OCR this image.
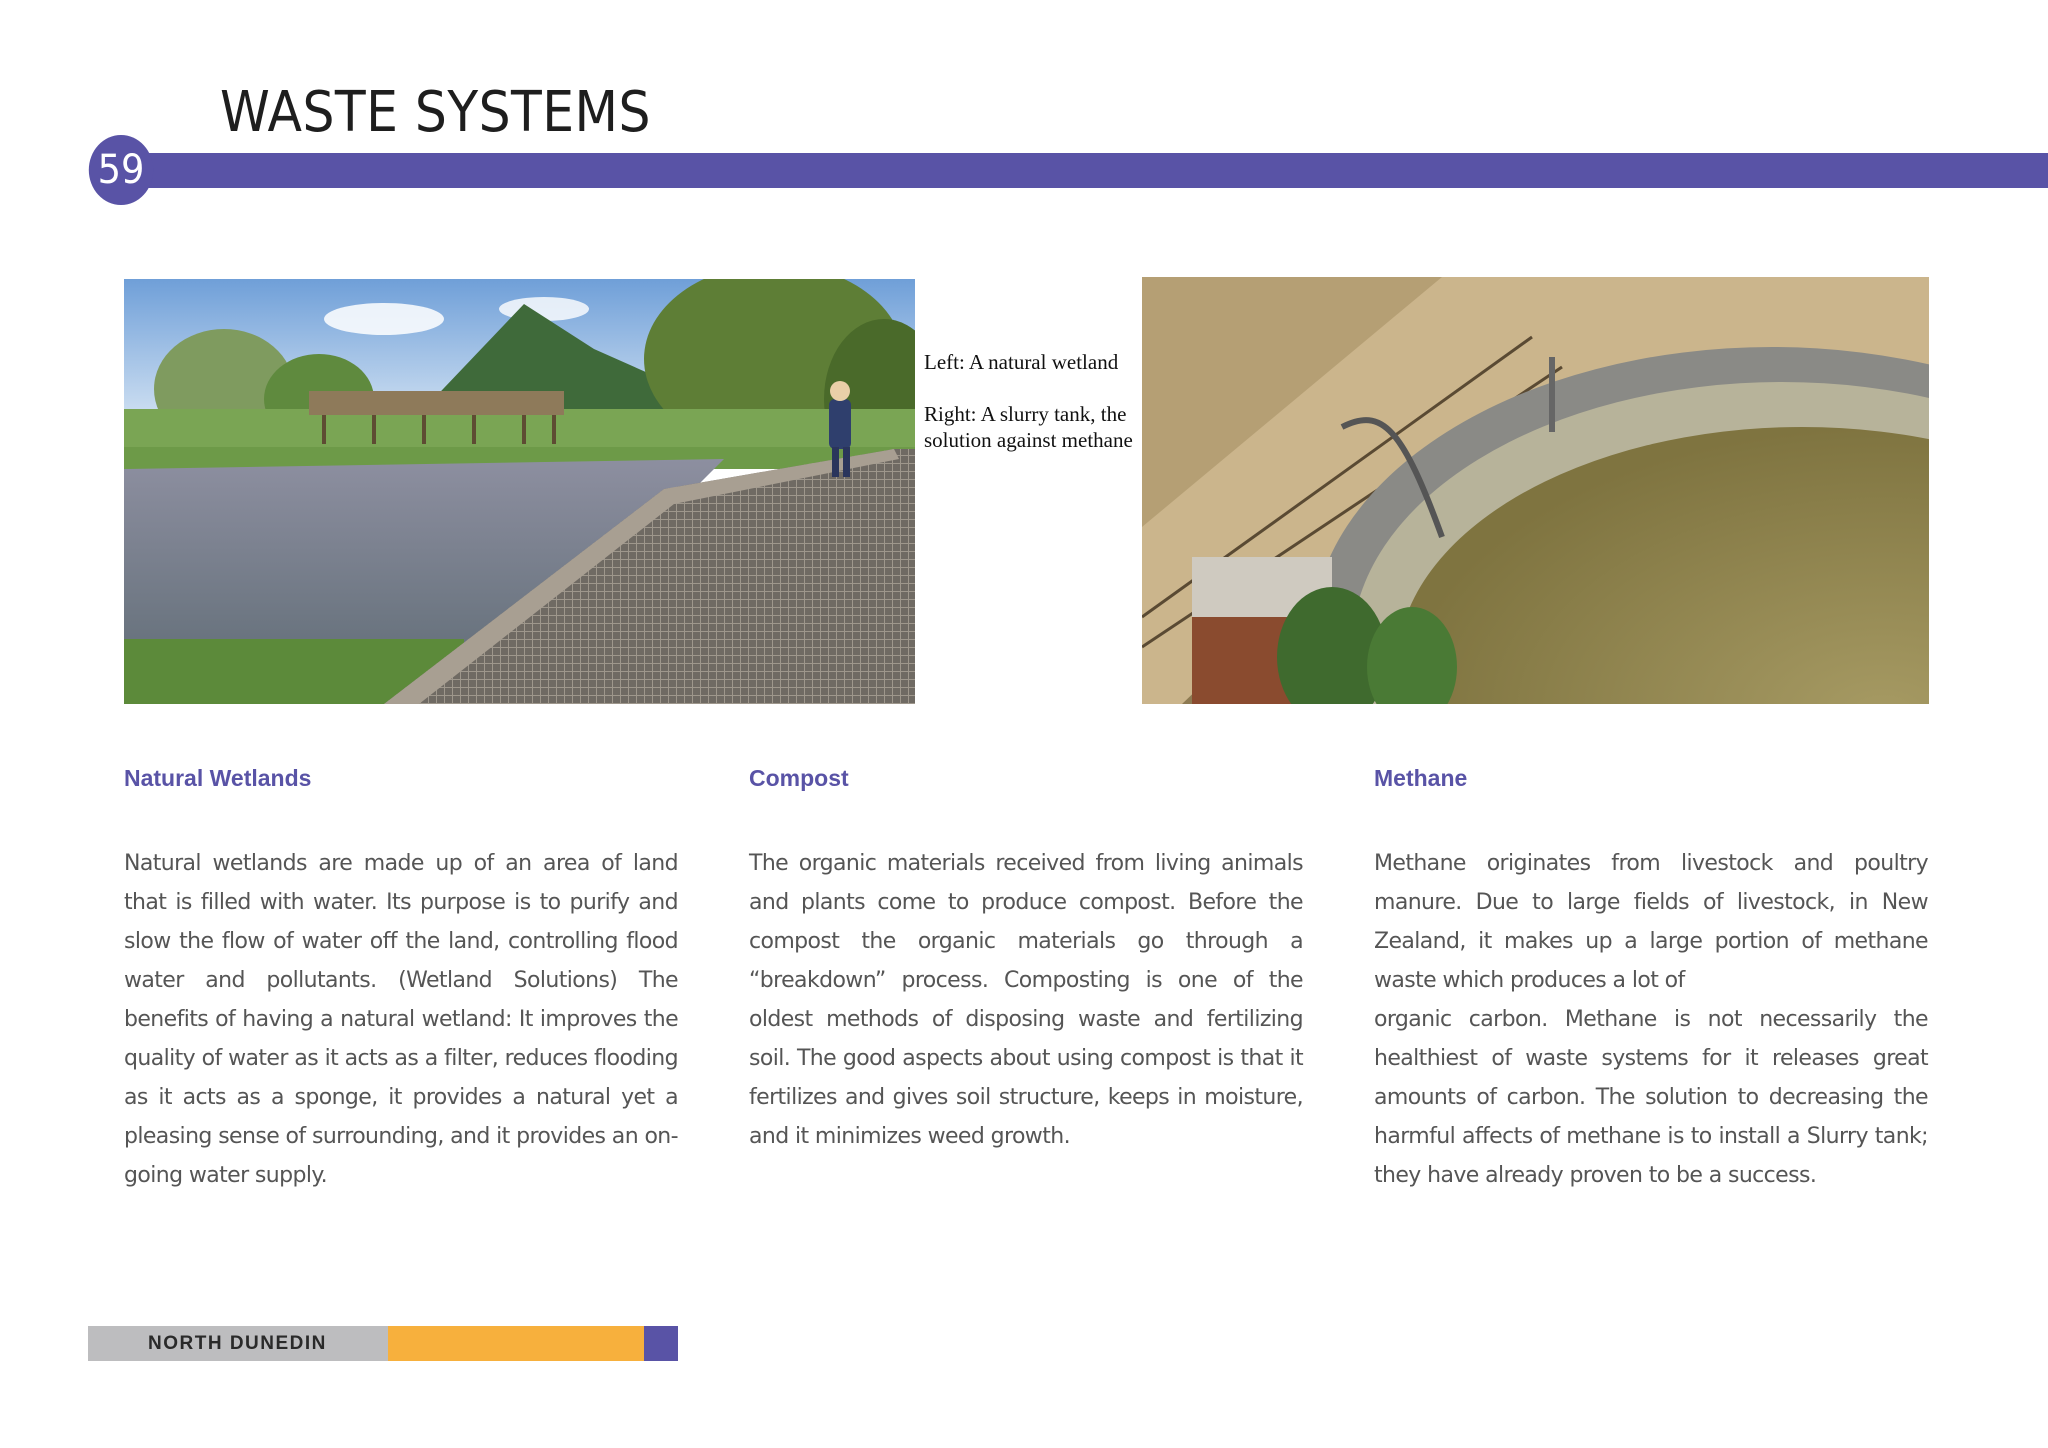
WASTE SYSTEMS
59

Left: A natural wetland

Right: A slurry tank, the solution against methane

Natural Wetlands

Natural wetlands are made up of an area of land that is filled with water. Its purpose is to purify and slow the flow of water off the land, controlling flood water and pollutants. (Wetland Solutions) The benefits of having a natural wetland: It improves the quality of water as it acts as a filter, reduces flooding as it acts as a sponge, it provides a natural yet a pleasing sense of surrounding, and it provides an on-going water supply.

Compost

The organic materials received from living animals and plants come to produce compost. Before the compost the organic materials go through a “breakdown” process. Composting is one of the oldest methods of disposing waste and fertilizing soil. The good aspects about using compost is that it fertilizes and gives soil structure, keeps in moisture, and it minimizes weed growth.

Methane

Methane originates from livestock and poultry manure. Due to large fields of livestock, in New Zealand, it makes up a large portion of methane waste which produces a lot of

organic carbon. Methane is not necessarily the healthiest of waste systems for it releases great amounts of carbon. The solution to decreasing the harmful affects of methane is to install a Slurry tank; they have already proven to be a success.

NORTH DUNEDIN
